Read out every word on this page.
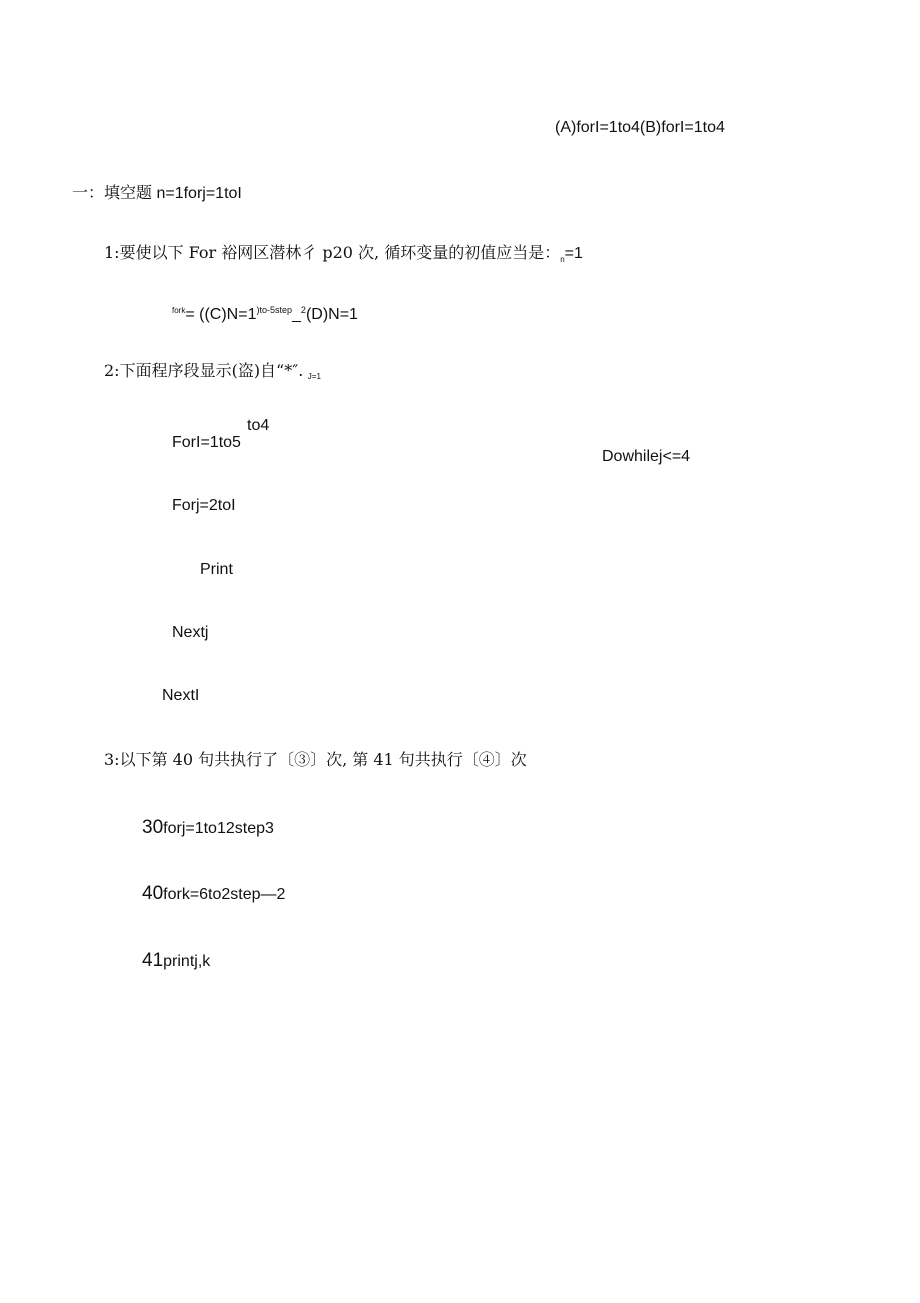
(A)forI=1to4(B)forI=1to4
一：填空题 n=1forj=1toI
1:要使以下 For 裕网区潜林彳 p20 次, 循环变量的初值应当是：$_n$=1
$^{fork}= ((C)N=1^{)to-5step}\_^2(D)N=1$
2:下面程序段显示(盗)自“*″. J=1
to4
ForI=1to5
Dowhilej<=4
Forj=2toI
Print
Nextj
NextI
3:以下第 40 句共执行了〔③〕次, 第 41 句共执行〔④〕次
30forj=1to12step3
40fork=6to2step—2
41printj,k
